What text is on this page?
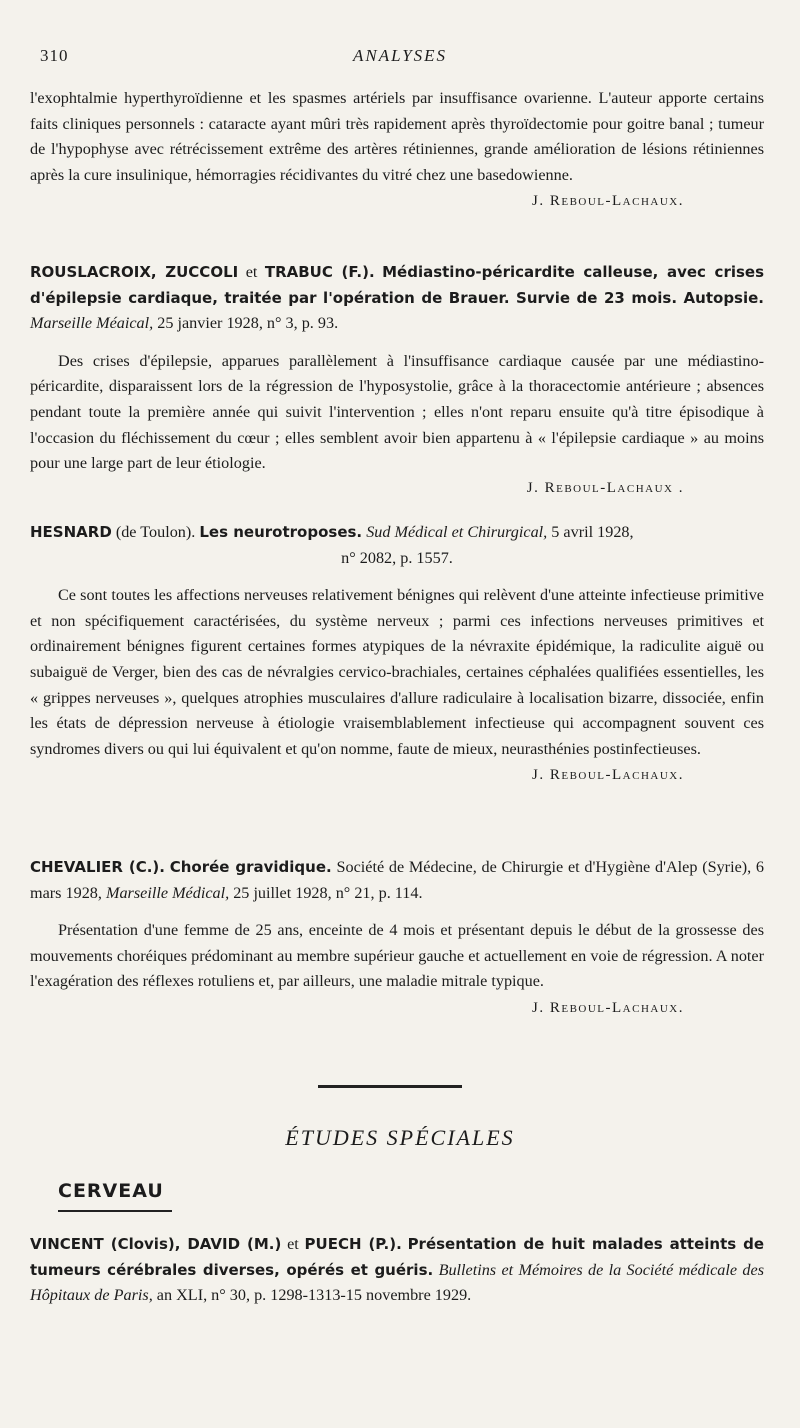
310	ANALYSES

l'exophtalmie hyperthyroïdienne et les spasmes artériels par insuffisance ovarienne. L'auteur apporte certains faits cliniques personnels : cataracte ayant mûri très rapidement après thyroïdectomie pour goitre banal ; tumeur de l'hypophyse avec rétrécissement extrême des artères rétiniennes, grande amélioration de lésions rétiniennes après la cure insulinique, hémorragies récidivantes du vitré chez une basedowienne.

J. Reboul-Lachaux.
ROUSLACROIX, ZUCCOLI et TRABUC (F.). Médiastino-péricardite calleuse, avec crises d'épilepsie cardiaque, traitée par l'opération de Brauer. Survie de 23 mois. Autopsie. Marseille Méaical, 25 janvier 1928, n° 3, p. 93.

Des crises d'épilepsie, apparues parallèlement à l'insuffisance cardiaque causée par une médiastino-péricardite, disparaissent lors de la régression de l'hyposystolie, grâce à la thoracectomie antérieure ; absences pendant toute la première année qui suivit l'intervention ; elles n'ont reparu ensuite qu'à titre épisodique à l'occasion du fléchissement du cœur ; elles semblent avoir bien appartenu à « l'épilepsie cardiaque » au moins pour une large part de leur étiologie.

J. Reboul-Lachaux .
HESNARD (de Toulon). Les neurotroposes. Sud Médical et Chirurgical, 5 avril 1928,
n° 2082, p. 1557.

Ce sont toutes les affections nerveuses relativement bénignes qui relèvent d'une atteinte infectieuse primitive et non spécifiquement caractérisées, du système nerveux ; parmi ces infections nerveuses primitives et ordinairement bénignes figurent certaines formes atypiques de la névraxite épidémique, la radiculite aiguë ou subaiguë de Verger, bien des cas de névralgies cervico-brachiales, certaines céphalées qualifiées essentielles, les « grippes nerveuses », quelques atrophies musculaires d'allure radiculaire à localisation bizarre, dissociée, enfin les états de dépression nerveuse à étiologie vraisemblablement infectieuse qui accompagnent souvent ces syndromes divers ou qui lui équivalent et qu'on nomme, faute de mieux, neurasthénies postinfectieuses.

J. Reboul-Lachaux.
CHEVALIER (C.). Chorée gravidique. Société de Médecine, de Chirurgie et d'Hygiène d'Alep (Syrie), 6 mars 1928, Marseille Médical, 25 juillet 1928, n° 21, p. 114.

Présentation d'une femme de 25 ans, enceinte de 4 mois et présentant depuis le début de la grossesse des mouvements choréiques prédominant au membre supérieur gauche et actuellement en voie de régression. A noter l'exagération des réflexes rotuliens et, par ailleurs, une maladie mitrale typique.

J. Reboul-Lachaux.
ÉTUDES SPÉCIALES
CERVEAU
VINCENT (Clovis), DAVID (M.) et PUECH (P.). Présentation de huit malades atteints de tumeurs cérébrales diverses, opérés et guéris. Bulletins et Mémoires de la Société médicale des Hôpitaux de Paris, an XLI, n° 30, p. 1298-1313-15 novembre 1929.
